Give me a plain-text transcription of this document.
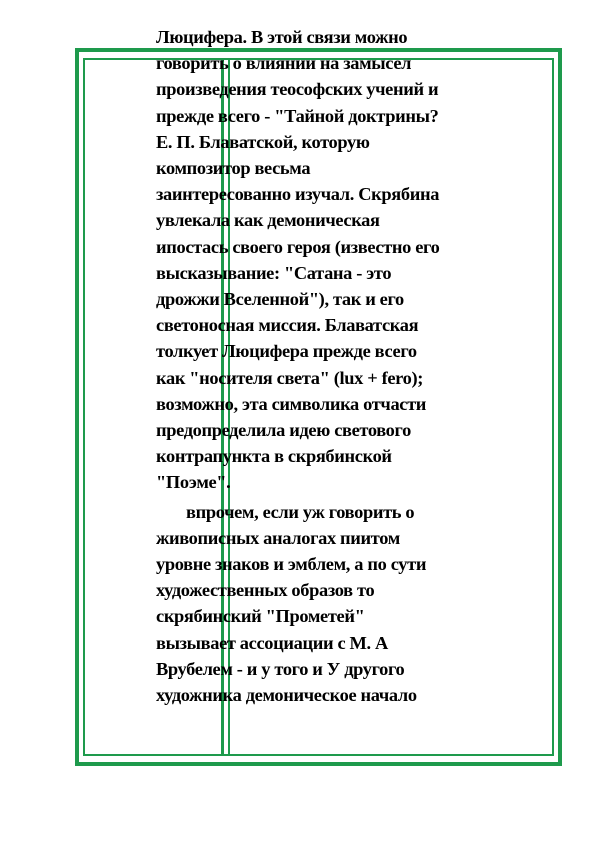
Люцифера. В этой связи можно
говорить о влиянии на замысел
произведения теософских учений и
прежде всего - "Тайной доктрины?
Е. П. Блаватской, которую
композитор весьма
заинтересованно изучал. Скрябина
увлекала как демоническая
ипостась своего героя (известно его
высказывание: "Сатана - это
дрожжи Вселенной"), так и его
светоносная миссия. Блаватская
толкует Люцифера прежде всего
как "носителя света" (lux + fero);
возможно, эта символика отчасти
предопределила идею светового
контрапункта в скрябинской
"Поэме".
впрочем, если уж говорить о
живописных аналогах пиитом
уровне знаков и эмблем, а по сути
художественных образов то
скрябинский "Прометей"
вызывает ассоциации с М. А
Врубелем - и у того и У другого
художника демоническое начало
